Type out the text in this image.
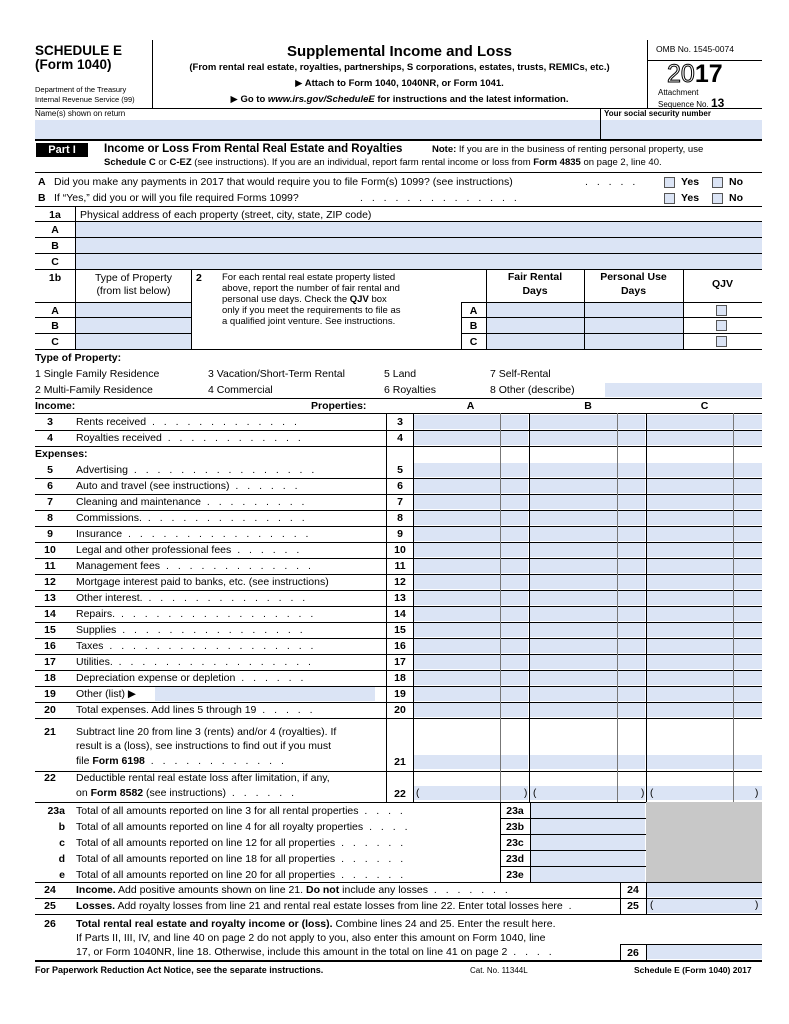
SCHEDULE E
(Form 1040)
Department of the Treasury
Internal Revenue Service (99)
Supplemental Income and Loss
(From rental real estate, royalties, partnerships, S corporations, estates, trusts, REMICs, etc.)
▶ Attach to Form 1040, 1040NR, or Form 1041.
▶ Go to www.irs.gov/ScheduleE for instructions and the latest information.
OMB No. 1545-0074
2017
Attachment
Sequence No. 13
Name(s) shown on return	Your social security number
Part I	Income or Loss From Rental Real Estate and Royalties	Note: If you are in the business of renting personal property, use
Schedule C or C-EZ (see instructions). If you are an individual, report farm rental income or loss from Form 4835 on page 2, line 40.
A Did you make any payments in 2017 that would require you to file Form(s) 1099? (see instructions)	. . . . .	Yes	No
B If “Yes,” did you or will you file required Forms 1099?	. . . . . . . . . . . . . .	Yes	No
1a	Physical address of each property (street, city, state, ZIP code)
A
B
C
1b	Type of Property
(from list below)
2 For each rental real estate property listed
above, report the number of fair rental and
personal use days. Check the QJV box
only if you meet the requirements to file as
a qualified joint venture. See instructions.
Fair Rental
Days
Personal Use
Days
QJV
A	A
B	B
C	C
Type of Property:
1 Single Family Residence
2 Multi-Family Residence
3 Vacation/Short-Term Rental
4 Commercial
5 Land
6 Royalties
7 Self-Rental
8 Other (describe)
Income:	Properties:	A	B	C
3	Rents received . . . . . . . . . . . . .	3
4	Royalties received . . . . . . . . . . . .	4
5	Advertising . . . . . . . . . . . . . . . .	5
6	Auto and travel (see instructions) . . . . . .	6
7	Cleaning and maintenance . . . . . . . . .	7
8	Commissions. . . . . . . . . . . . . . .	8
9	Insurance . . . . . . . . . . . . . . . .	9
10	Legal and other professional fees . . . . . .	10
11	Management fees . . . . . . . . . . . . .	11
12	Mortgage interest paid to banks, etc. (see instructions)	12
13	Other interest. . . . . . . . . . . . . . .	13
14	Repairs. . . . . . . . . . . . . . . . . .	14
15	Supplies . . . . . . . . . . . . . . . .	15
16	Taxes . . . . . . . . . . . . . . . . . .	16
17	Utilities. . . . . . . . . . . . . . . . . .	17
18	Depreciation expense or depletion . . . . . .	18
19	Other (list) ▶	19
20	Total expenses. Add lines 5 through 19 . . . . .	20
Expenses:
21	Subtract line 20 from line 3 (rents) and/or 4 (royalties). If
result is a (loss), see instructions to find out if you must
file Form 6198 . . . . . . . . . . . .	21
22	Deductible rental real estate loss after limitation, if any,
on Form 8582 (see instructions) . . . . . .	22	(	) (	) (	)
23a Total of all amounts reported on line 3 for all rental properties . . . .	23a
b Total of all amounts reported on line 4 for all royalty properties . . . .	23b
c Total of all amounts reported on line 12 for all properties . . . . . .	23c
d Total of all amounts reported on line 18 for all properties . . . . . .	23d
e Total of all amounts reported on line 20 for all properties . . . . . .	23e
24	Income. Add positive amounts shown on line 21. Do not include any losses . . . . . . .	24
25	Losses. Add royalty losses from line 21 and rental real estate losses from line 22. Enter total losses here .	25	(	)
26	Total rental real estate and royalty income or (loss). Combine lines 24 and 25. Enter the result here.
If Parts II, III, IV, and line 40 on page 2 do not apply to you, also enter this amount on Form 1040, line
17, or Form 1040NR, line 18. Otherwise, include this amount in the total on line 41 on page 2 . . . .	26
For Paperwork Reduction Act Notice, see the separate instructions.	Cat. No. 11344L	Schedule E (Form 1040) 2017
